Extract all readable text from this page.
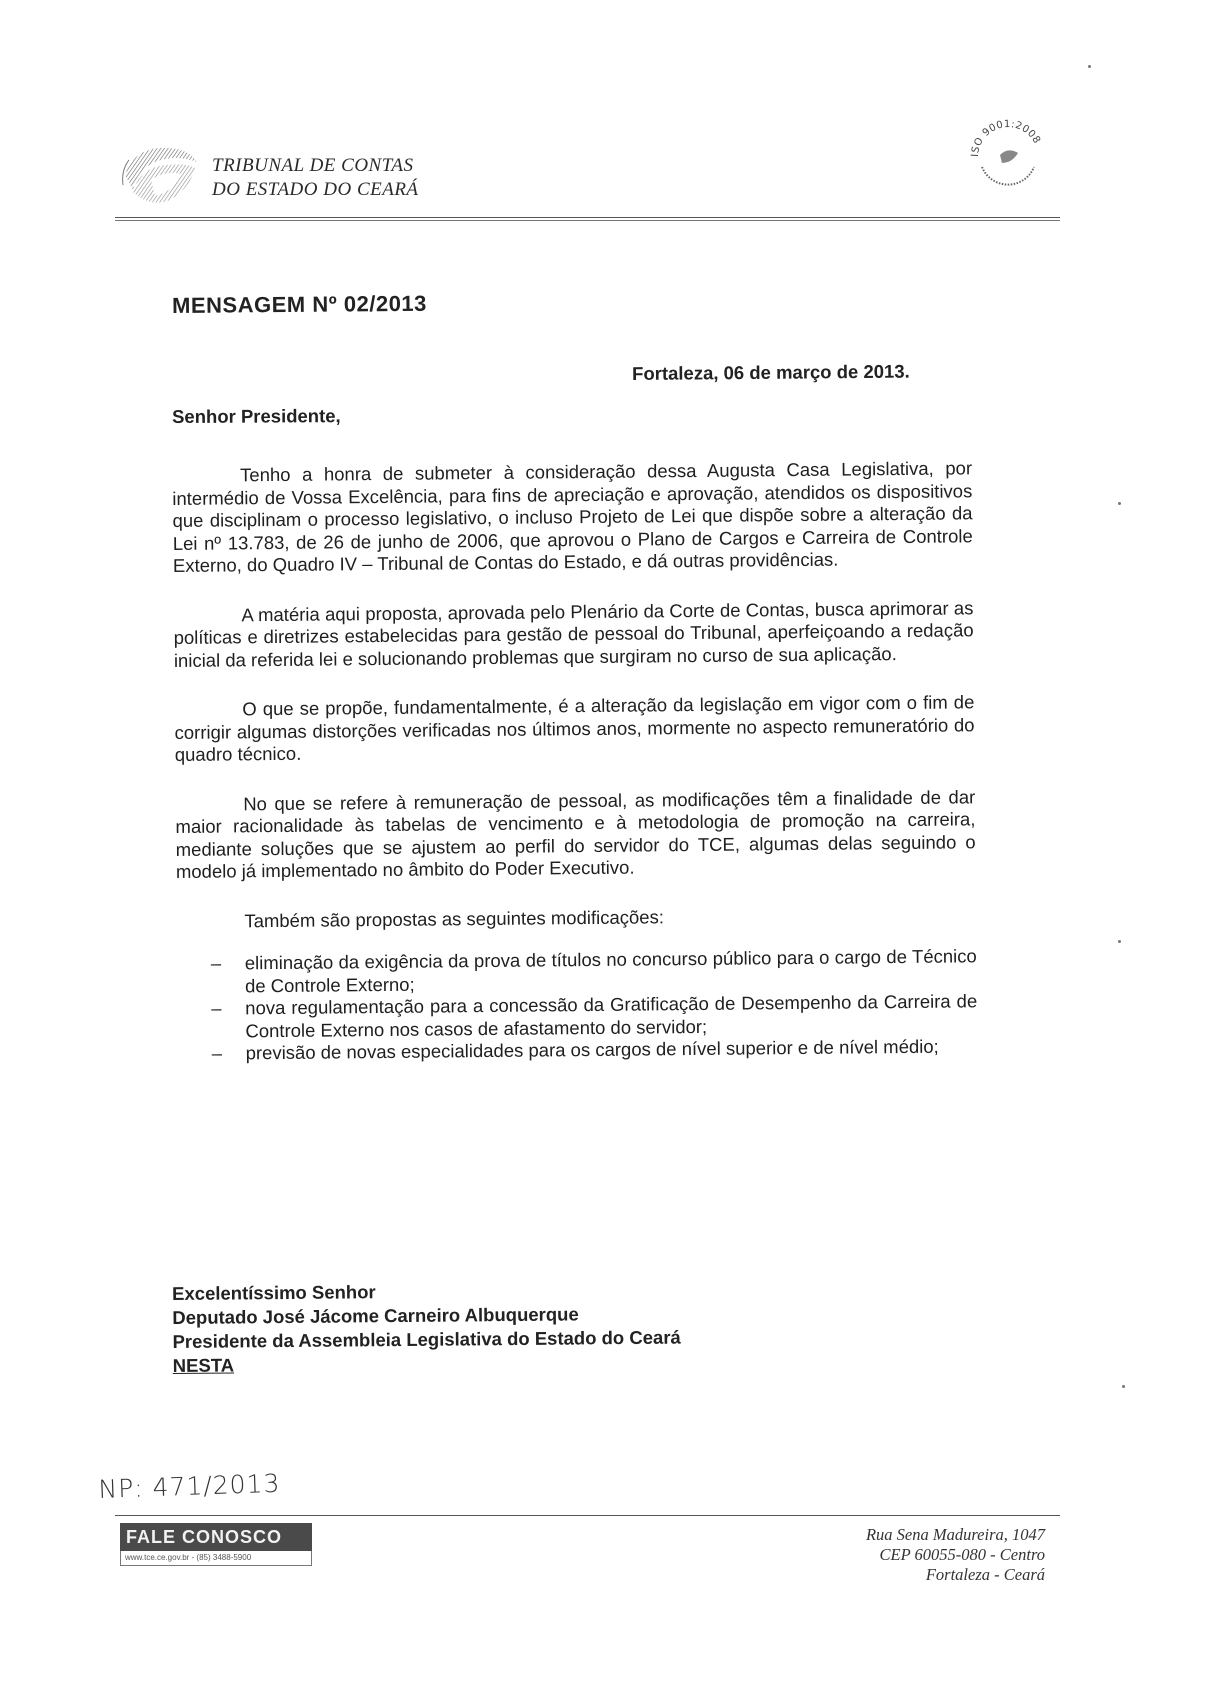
TRIBUNAL DE CONTAS
DO ESTADO DO CEARÁ
ISO 9001:2008
MENSAGEM Nº 02/2013
Fortaleza, 06 de março de 2013.
Senhor Presidente,

Tenho a honra de submeter à consideração dessa Augusta Casa Legislativa, por intermédio de Vossa Excelência, para fins de apreciação e aprovação, atendidos os dispositivos que disciplinam o processo legislativo, o incluso Projeto de Lei que dispõe sobre a alteração da Lei nº 13.783, de 26 de junho de 2006, que aprovou o Plano de Cargos e Carreira de Controle Externo, do Quadro IV – Tribunal de Contas do Estado, e dá outras providências.

A matéria aqui proposta, aprovada pelo Plenário da Corte de Contas, busca aprimorar as políticas e diretrizes estabelecidas para gestão de pessoal do Tribunal, aperfeiçoando a redação inicial da referida lei e solucionando problemas que surgiram no curso de sua aplicação.

O que se propõe, fundamentalmente, é a alteração da legislação em vigor com o fim de corrigir algumas distorções verificadas nos últimos anos, mormente no aspecto remuneratório do quadro técnico.

No que se refere à remuneração de pessoal, as modificações têm a finalidade de dar maior racionalidade às tabelas de vencimento e à metodologia de promoção na carreira, mediante soluções que se ajustem ao perfil do servidor do TCE, algumas delas seguindo o modelo já implementado no âmbito do Poder Executivo.

Também são propostas as seguintes modificações:

– eliminação da exigência da prova de títulos no concurso público para o cargo de Técnico de Controle Externo;
– nova regulamentação para a concessão da Gratificação de Desempenho da Carreira de Controle Externo nos casos de afastamento do servidor;
– previsão de novas especialidades para os cargos de nível superior e de nível médio;
Excelentíssimo Senhor
Deputado José Jácome Carneiro Albuquerque
Presidente da Assembleia Legislativa do Estado do Ceará
NESTA
NP: 471/2013
FALE CONOSCO
www.tce.ce.gov.br - (85) 3488-5900
Rua Sena Madureira, 1047
CEP 60055-080 - Centro
Fortaleza - Ceará
